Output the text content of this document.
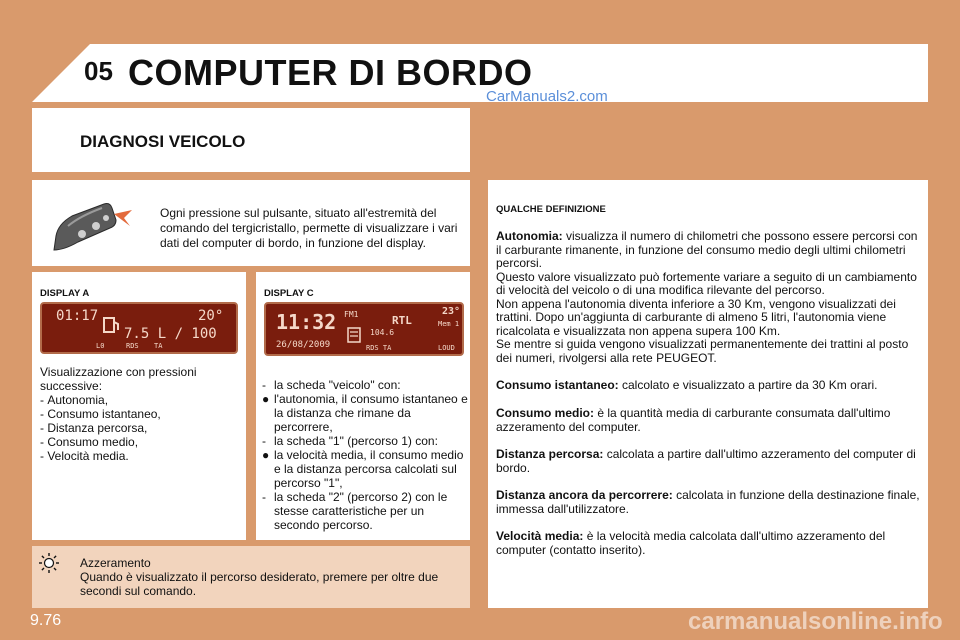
05 COMPUTER DI BORDO
CarManuals2.com
DIAGNOSI VEICOLO
Ogni pressione sul pulsante, situato all'estremità del comando del tergicristallo, permette di visualizzare i vari dati del computer di bordo, in funzione del display.
DISPLAY A
01:17	20°
7.5 L / 100
L0	RDS TA
Visualizzazione con pressioni successive:
- Autonomia,
- Consumo istantaneo,
- Distanza percorsa,
- Consumo medio,
- Velocità media.
DISPLAY C
11:32
26/08/2009
FM1	RTL
104.6
23°
Mem 1
RDS TA	LOUD
- la scheda "veicolo" con:
● l'autonomia, il consumo istantaneo e la distanza che rimane da percorrere,
- la scheda "1" (percorso 1) con:
● la velocità media, il consumo medio e la distanza percorsa calcolati sul percorso "1",
- la scheda "2" (percorso 2) con le stesse caratteristiche per un secondo percorso.
Azzeramento
Quando è visualizzato il percorso desiderato, premere per oltre due secondi sul comando.
QUALCHE DEFINIZIONE
Autonomia: visualizza il numero di chilometri che possono essere percorsi con il carburante rimanente, in funzione del consumo medio degli ultimi chilometri percorsi.
Questo valore visualizzato può fortemente variare a seguito di un cambiamento di velocità del veicolo o di una modifica rilevante del percorso.
Non appena l'autonomia diventa inferiore a 30 Km, vengono visualizzati dei trattini. Dopo un'aggiunta di carburante di almeno 5 litri, l'autonomia viene ricalcolata e visualizzata non appena supera 100 Km.
Se mentre si guida vengono visualizzati permanentemente dei trattini al posto dei numeri, rivolgersi alla rete PEUGEOT.
Consumo istantaneo: calcolato e visualizzato a partire da 30 Km orari.
Consumo medio: è la quantità media di carburante consumata dall'ultimo azzeramento del computer.
Distanza percorsa: calcolata a partire dall'ultimo azzeramento del computer di bordo.
Distanza ancora da percorrere: calcolata in funzione della destinazione finale, immessa dall'utilizzatore.
Velocità media: è la velocità media calcolata dall'ultimo azzeramento del computer (contatto inserito).
9.76	carmanualsonline.info
